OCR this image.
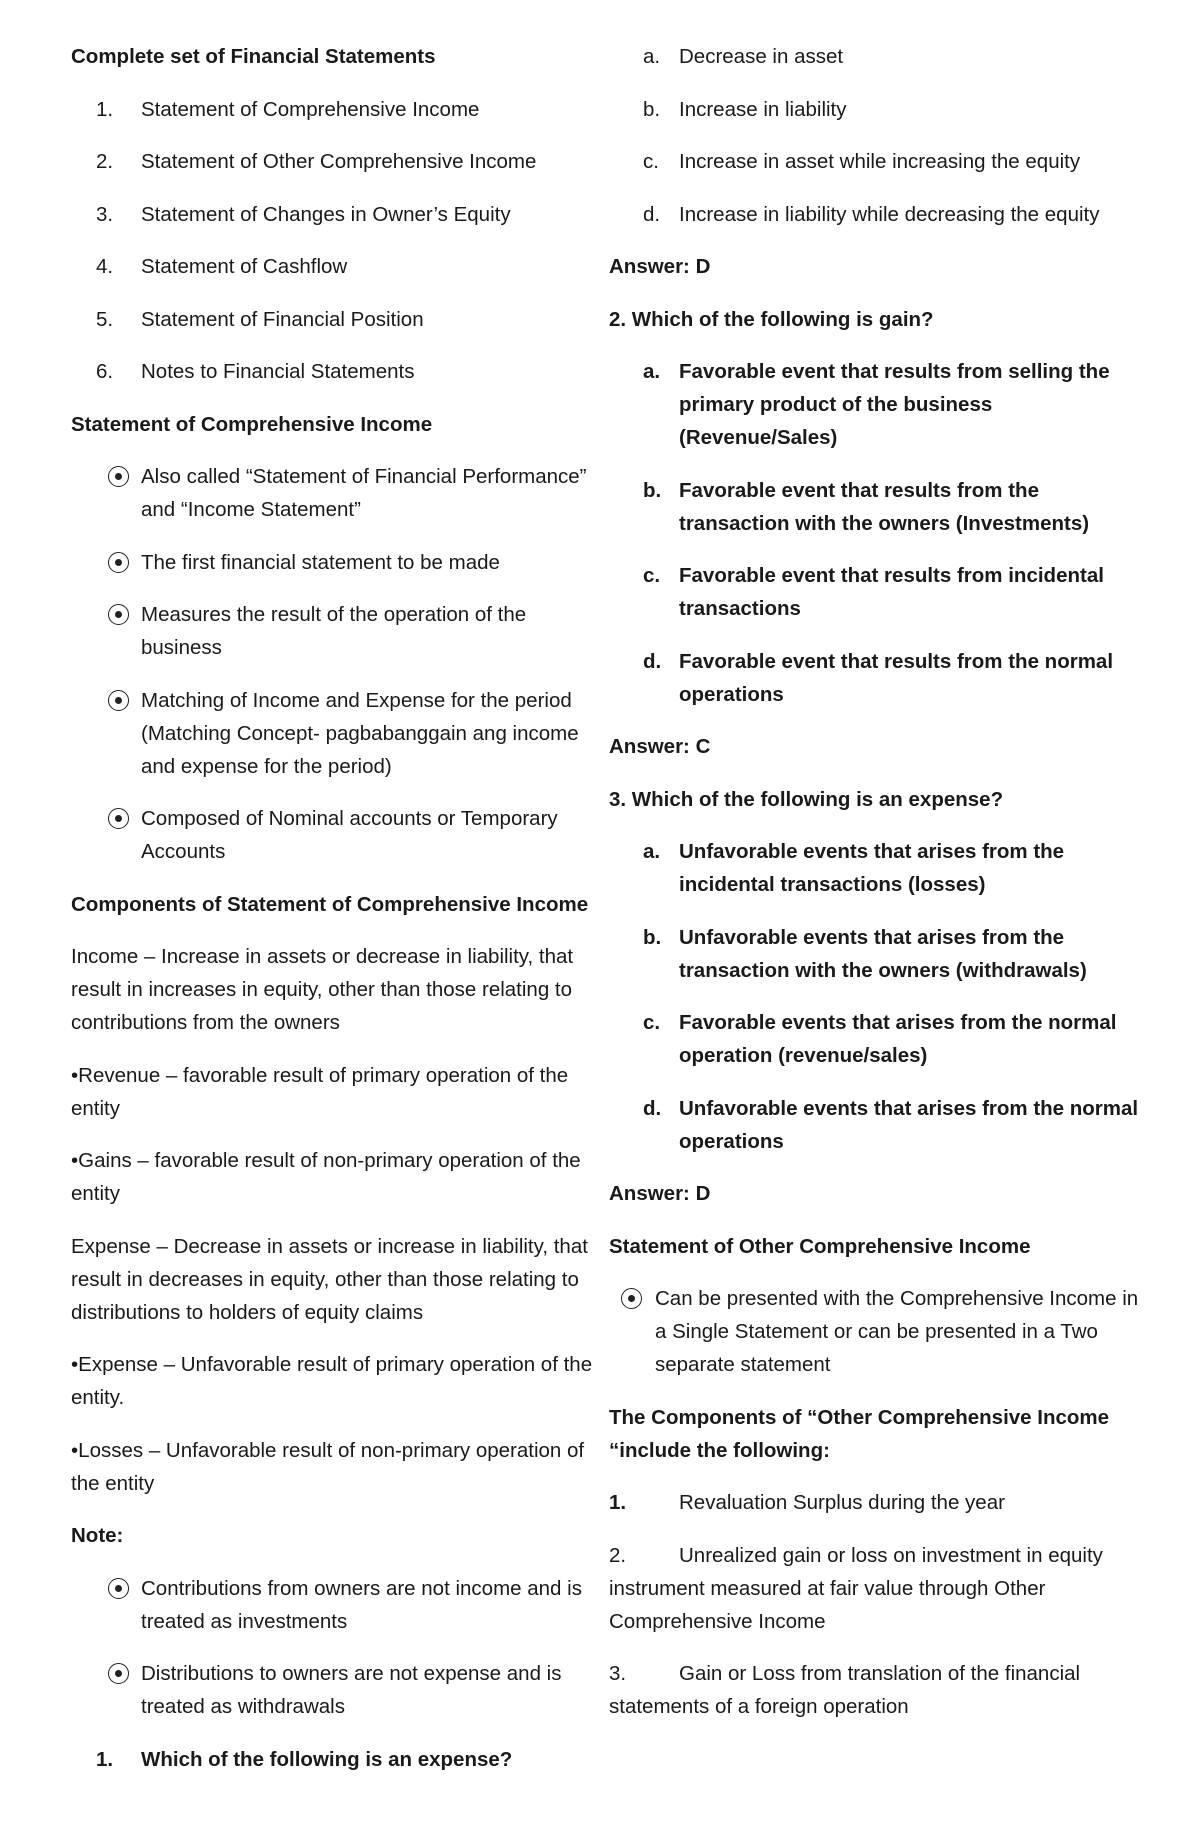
Complete set of Financial Statements

1.	Statement of Comprehensive Income
2.	Statement of Other Comprehensive Income
3.	Statement of Changes in Owner’s Equity
4.	Statement of Cashflow
5.	Statement of Financial Position
6.	Notes to Financial Statements

Statement of Comprehensive Income

Also called “Statement of Financial Performance” and “Income Statement”
The first financial statement to be made
Measures the result of the operation of the business
Matching of Income and Expense for the period (Matching Concept- pagbabanggain ang income and expense for the period)
Composed of Nominal accounts or Temporary Accounts

Components of Statement of Comprehensive Income

Income – Increase in assets or decrease in liability, that result in increases in equity, other than those relating to contributions from the owners

•Revenue – favorable result of primary operation of the entity

•Gains – favorable result of non-primary operation of the entity

Expense – Decrease in assets or increase in liability, that result in decreases in equity, other than those relating to distributions to holders of equity claims

•Expense – Unfavorable result of primary operation of the entity.

•Losses – Unfavorable result of non-primary operation of the entity

Note:

Contributions from owners are not income and is treated as investments
Distributions to owners are not expense and is treated as withdrawals
1.	Which of the following is an expense?
a. Decrease in asset
b. Increase in liability
c. Increase in asset while increasing the equity
d. Increase in liability while decreasing the equity

Answer: D

2. Which of the following is gain?

a. Favorable event that results from selling the primary product of the business (Revenue/Sales)
b. Favorable event that results from the transaction with the owners (Investments)
c. Favorable event that results from incidental transactions
d. Favorable event that results from the normal operations

Answer: C

3. Which of the following is an expense?

a. Unfavorable events that arises from the incidental transactions (losses)
b. Unfavorable events that arises from the transaction with the owners (withdrawals)
c. Favorable events that arises from the normal operation (revenue/sales)
d. Unfavorable events that arises from the normal operations

Answer: D

Statement of Other Comprehensive Income

Can be presented with the Comprehensive Income in a Single Statement or can be presented in a Two separate statement

The Components of “Other Comprehensive Income “include the following:

1.	Revaluation Surplus during the year
2.	Unrealized gain or loss on investment in equity instrument measured at fair value through Other Comprehensive Income
3.	Gain or Loss from translation of the financial statements of a foreign operation
